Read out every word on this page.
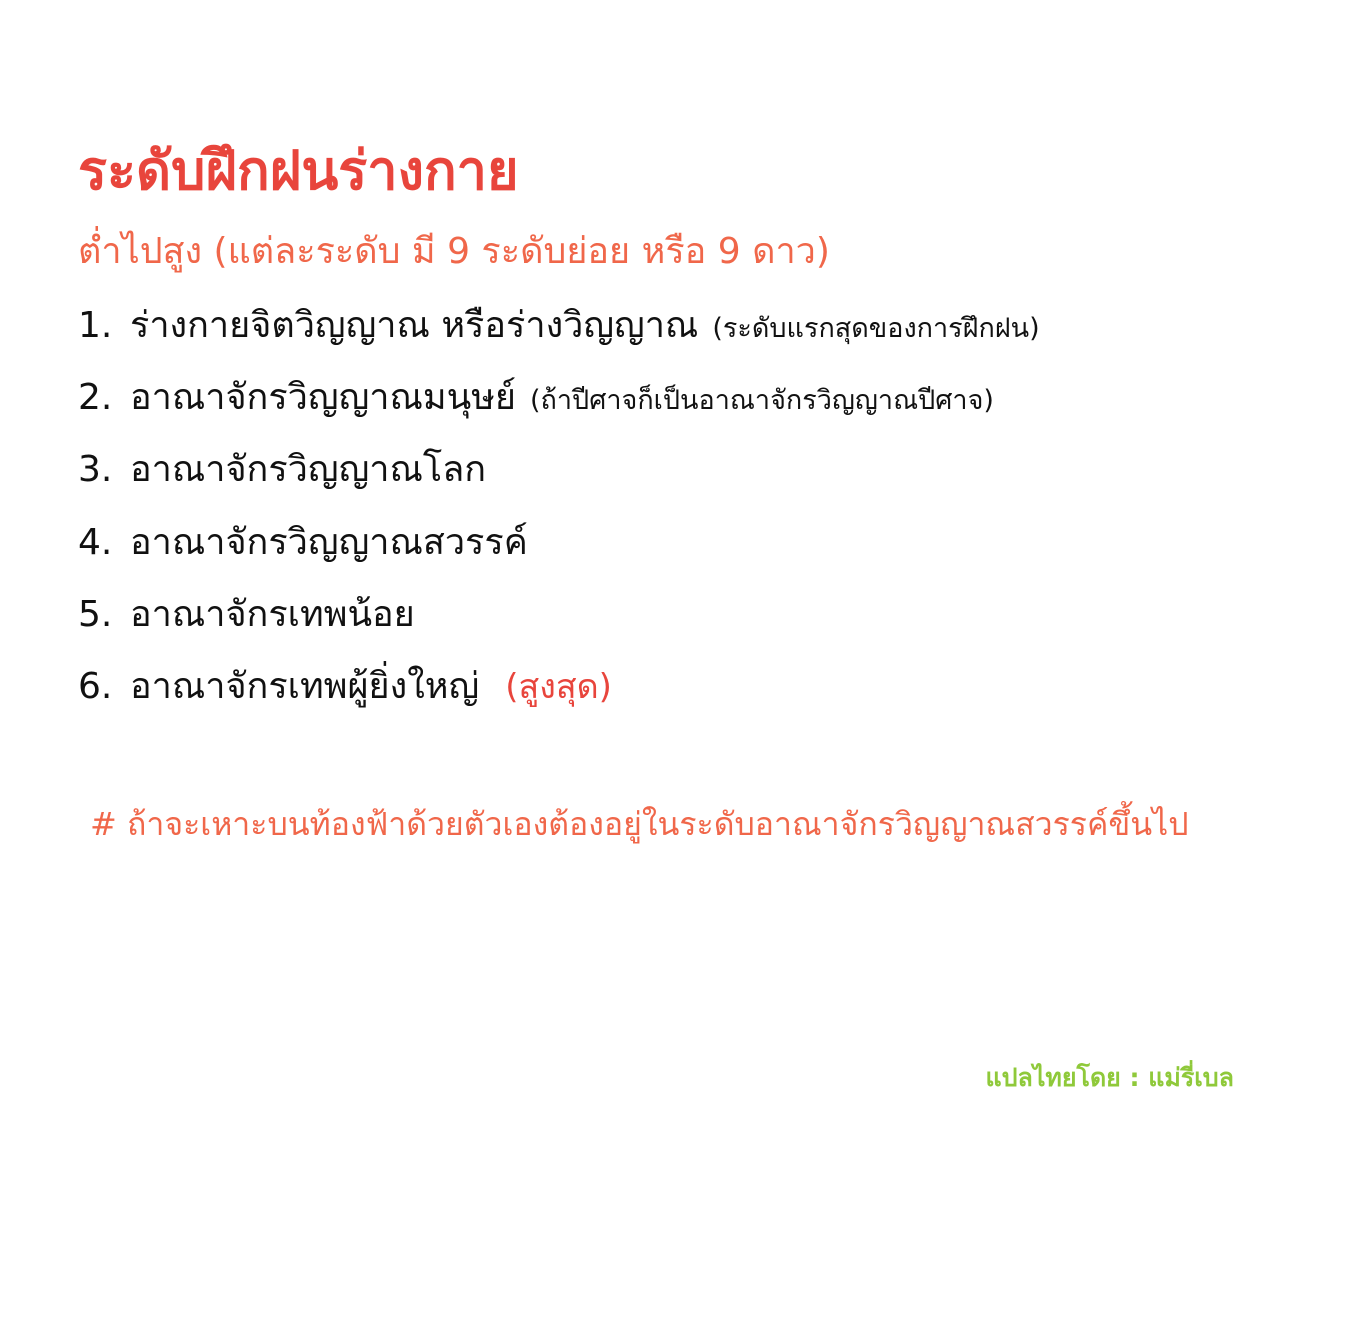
ระดับฝึกฝนร่างกาย

ต่ำไปสูง (แต่ละระดับ มี 9 ระดับย่อย หรือ 9 ดาว)

1. ร่างกายจิตวิญญาณ หรือร่างวิญญาณ (ระดับแรกสุดของการฝึกฝน)
2. อาณาจักรวิญญาณมนุษย์ (ถ้าปีศาจก็เป็นอาณาจักรวิญญาณปีศาจ)
3. อาณาจักรวิญญาณโลก
4. อาณาจักรวิญญาณสวรรค์
5. อาณาจักรเทพน้อย
6. อาณาจักรเทพผู้ยิ่งใหญ่ (สูงสุด)

# ถ้าจะเหาะบนท้องฟ้าด้วยตัวเองต้องอยู่ในระดับอาณาจักรวิญญาณสวรรค์ขึ้นไป

แปลไทยโดย : แม่รี่เบล
